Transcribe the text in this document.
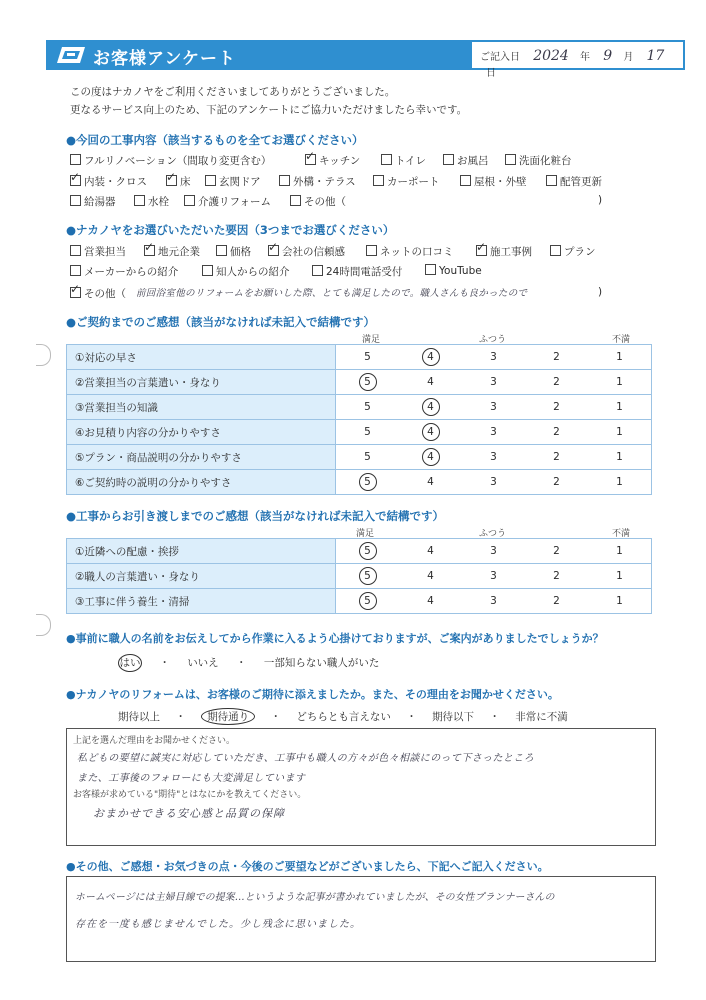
お客様アンケート	ご記入日 2024 年 9 月 17 日
この度はナカノヤをご利用くださいましてありがとうございました。
更なるサービス向上のため、下記のアンケートにご協力いただけましたら幸いです。
●今回の工事内容（該当するものを全てお選びください）
フルリノベーション（間取り変更含む） ✓	キッチン	トイレ	お風呂	洗面化粧台
✓内装・クロス ✓	床	玄関ドア	外構・テラス	カーポート	屋根・外壁	配管更新
給湯器	水栓	介護リフォーム	その他（	)
●ナカノヤをお選びいただいた要因（3つまでお選びください）
営業担当 ✓	地元企業	価格 ✓	会社の信頼感	ネットの口コミ ✓	施工事例	プラン
メーカーからの紹介	知人からの紹介	24時間電話受付	YouTube
✓その他（ 前回浴室他のリフォームをお願いした際、とても満足したので。職人さんも良かったので	)
●ご契約までのご感想（該当がなければ未記入で結構です）
満足	ふつう	不満
①対応の早さ	5	4	3	2	1
②営業担当の言葉遣い・身なり	5	4	3	2	1
③営業担当の知識	5	4	3	2	1
④お見積り内容の分かりやすさ	5	4	3	2	1
⑤プラン・商品説明の分かりやすさ	5	4	3	2	1
⑥ご契約時の説明の分かりやすさ	5	4	3	2	1
●工事からお引き渡しまでのご感想（該当がなければ未記入で結構です）
満足	ふつう	不満
①近隣への配慮・挨拶	5	4	3	2	1
②職人の言葉遣い・身なり	5	4	3	2	1
③工事に伴う養生・清掃	5	4	3	2	1
●事前に職人の名前をお伝えしてから作業に入るよう心掛けておりますが、ご案内がありましたでしょうか？
はい ・ いいえ ・ 一部知らない職人がいた
●ナカノヤのリフォームは、お客様のご期待に添えましたか。また、その理由をお聞かせください。
期待以上 ・ 期待通り ・ どちらとも言えない ・ 期待以下 ・ 非常に不満
上記を選んだ理由をお聞かせください。
私どもの要望に誠実に対応していただき、工事中も職人の方々が色々相談にのって下さったところ
また、工事後のフォローにも大変満足しています
お客様が求めている"期待"とはなにかを教えてください。
おまかせできる安心感と品質の保障
●その他、ご感想・お気づきの点・今後のご要望などがございましたら、下記へご記入ください。
ホームページには主婦目線での提案…というような記事が書かれていましたが、その女性プランナーさんの
存在を一度も感じませんでした。少し残念に思いました。
